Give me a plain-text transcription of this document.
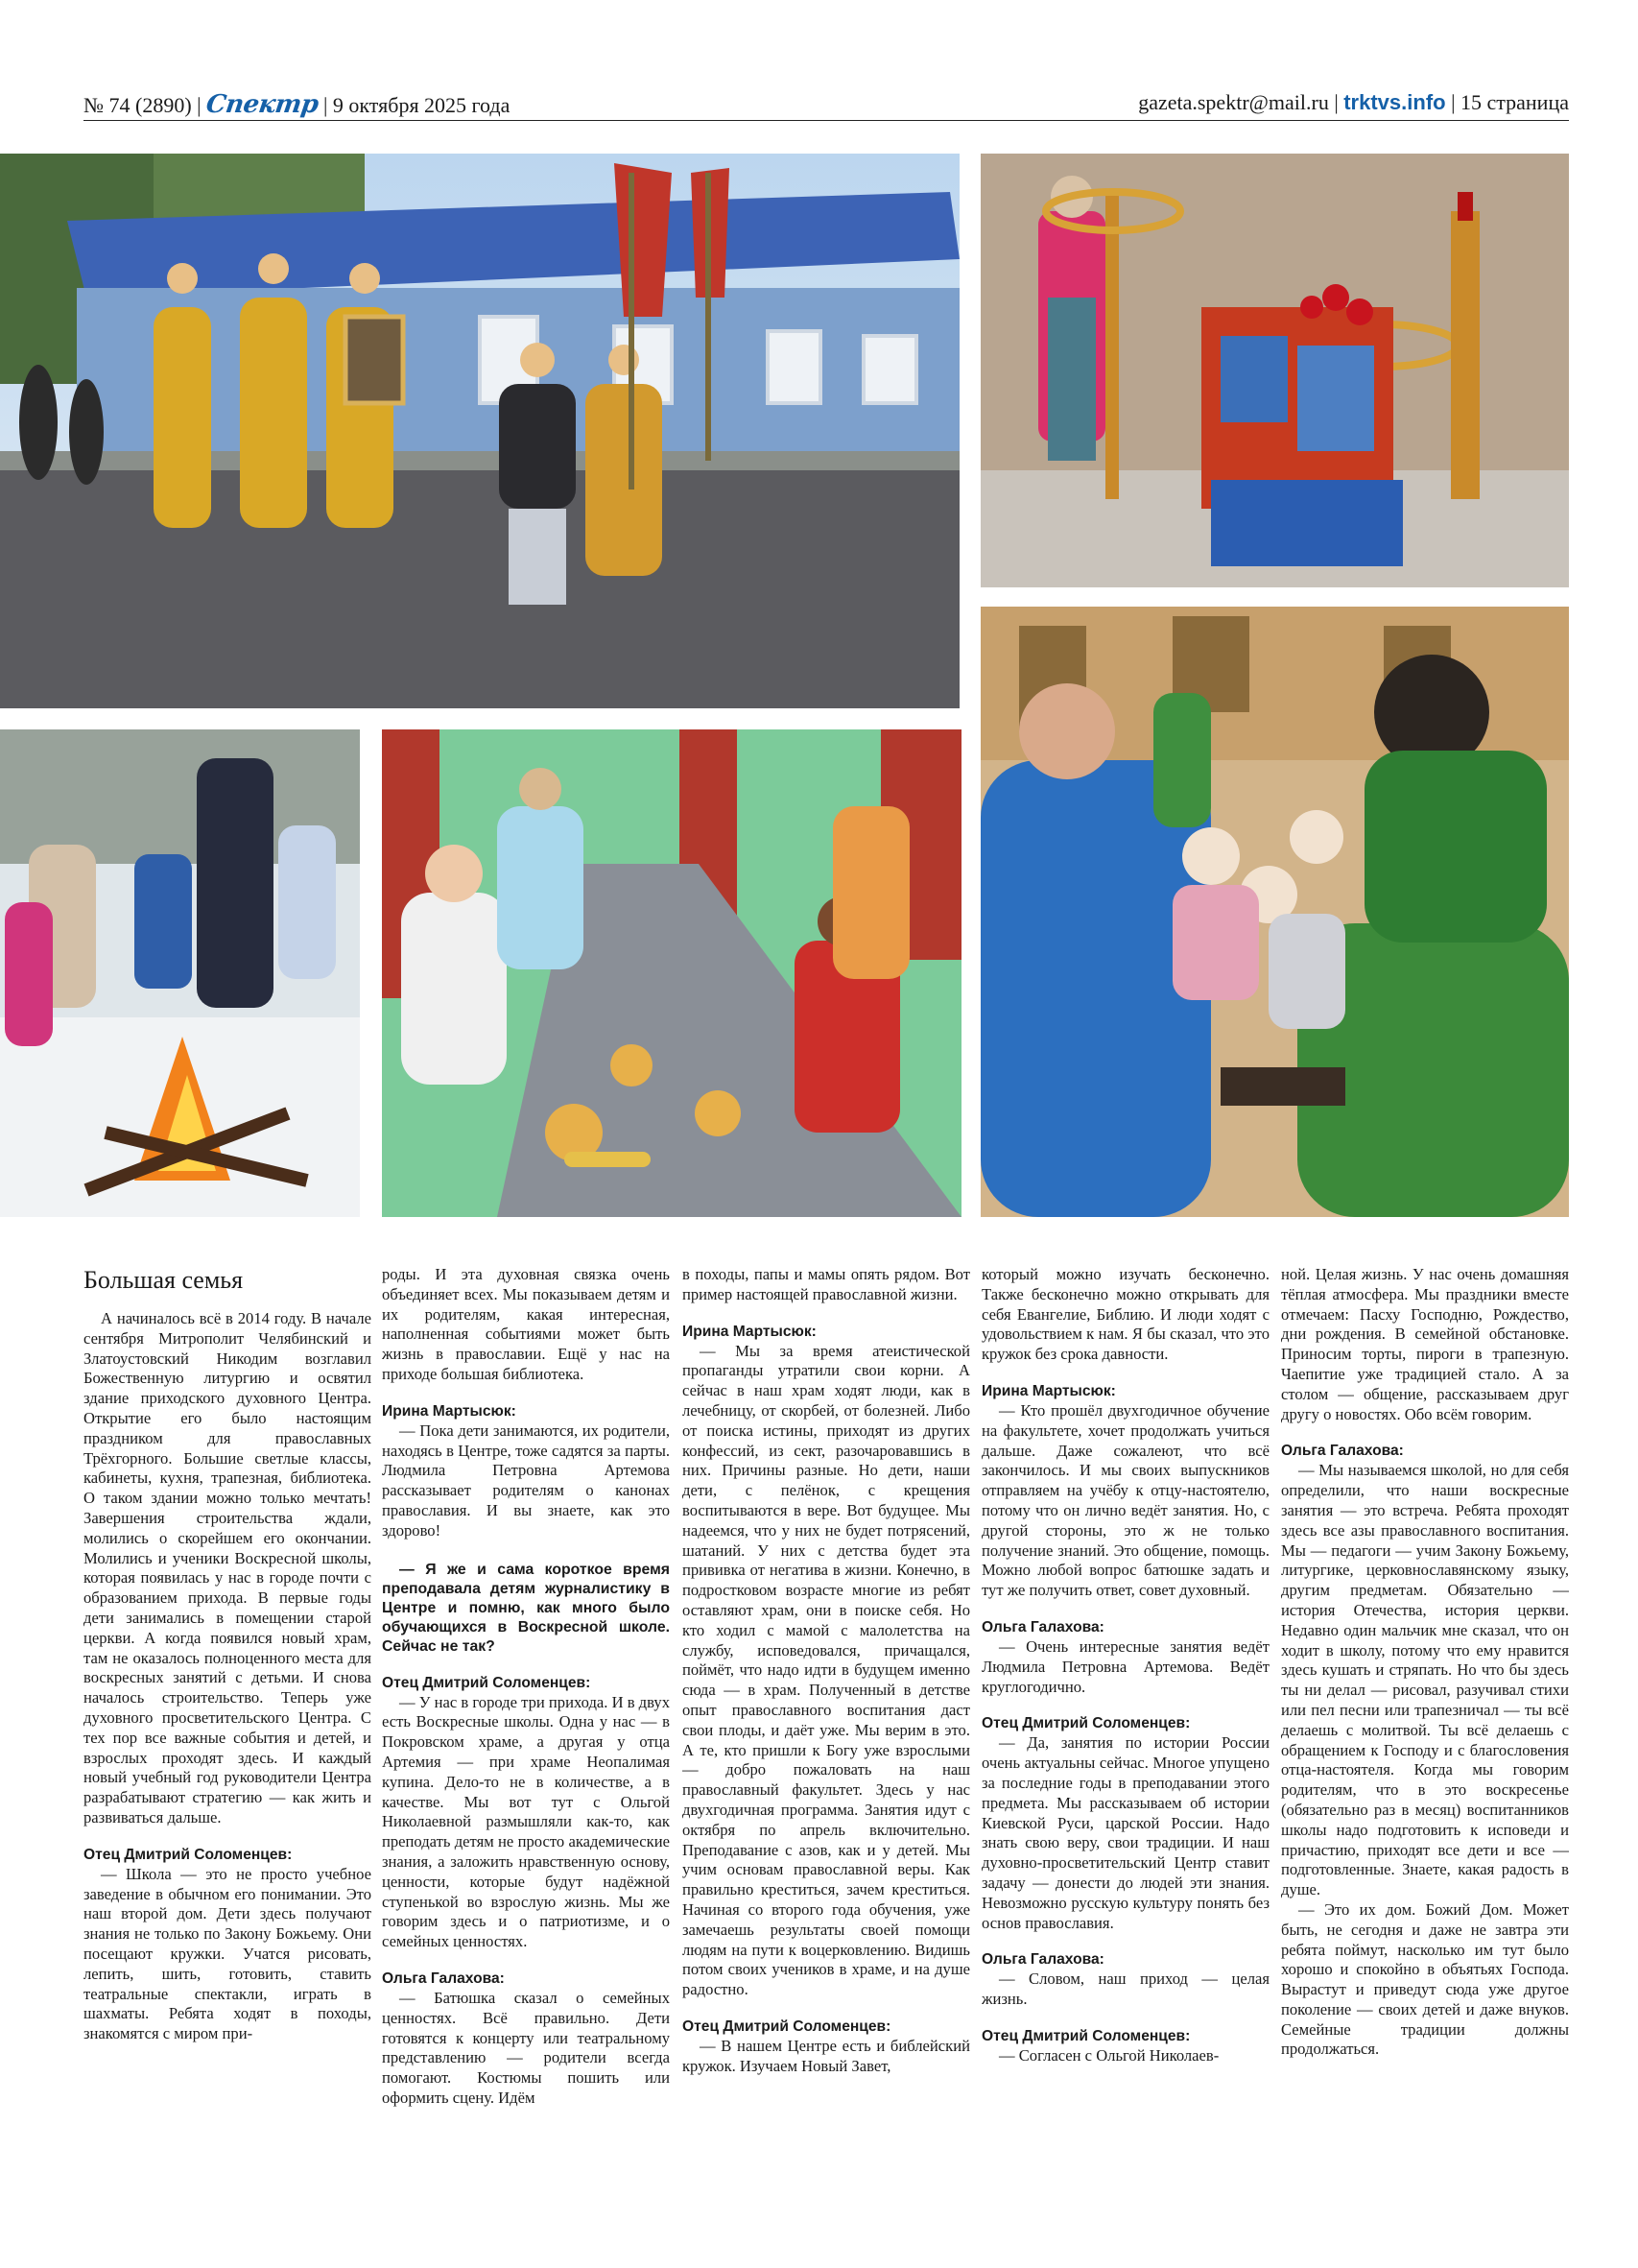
№ 74 (2890) | Спектр | 9 октября 2025 года	gazeta.spektr@mail.ru | trktvs.info | 15 страница
Большая семья

А начиналось всё в 2014 году. В начале сентября Митрополит Челябинский и Златоустовский Никодим возглавил Божественную литургию и освятил здание приходского духовного Центра. Открытие его было настоящим праздником для православных Трёхгорного. Большие светлые классы, кабинеты, кухня, трапезная, библиотека. О таком здании можно только мечтать! Завершения строительства ждали, молились о скорейшем его окончании. Молились и ученики Воскресной школы, которая появилась у нас в городе почти с образованием прихода. В первые годы дети занимались в помещении старой церкви. А когда появился новый храм, там не оказалось полноценного места для воскресных занятий с детьми. И снова началось строительство. Теперь уже духовного просветительского Центра. С тех пор все важные события и детей, и взрослых проходят здесь. И каждый новый учебный год руководители Центра разрабатывают стратегию — как жить и развиваться дальше.

Отец Дмитрий Соломенцев:

— Школа — это не просто учебное заведение в обычном его понимании. Это наш второй дом. Дети здесь получают знания не только по Закону Божьему. Они посещают кружки. Учатся рисовать, лепить, шить, готовить, ставить театральные спектакли, играть в шахматы. Ребята ходят в походы, знакомятся с миром при-

роды. И эта духовная связка очень объединяет всех. Мы показываем детям и их родителям, какая интересная, наполненная событиями может быть жизнь в православии. Ещё у нас на приходе большая библиотека.

Ирина Мартысюк:

— Пока дети занимаются, их родители, находясь в Центре, тоже садятся за парты. Людмила Петровна Артемова рассказывает родителям о канонах православия. И вы знаете, как это здорово!

— Я же и сама короткое время преподавала детям журналистику в Центре и помню, как много было обучающихся в Воскресной школе. Сейчас не так?

Отец Дмитрий Соломенцев:

— У нас в городе три прихода. И в двух есть Воскресные школы. Одна у нас — в Покровском храме, а другая у отца Артемия — при храме Неопалимая купина. Дело-то не в количестве, а в качестве. Мы вот тут с Ольгой Николаевной размышляли как-то, как преподать детям не просто академические знания, а заложить нравственную основу, ценности, которые будут надёжной ступенькой во взрослую жизнь. Мы же говорим здесь и о патриотизме, и о семейных ценностях.

Ольга Галахова:

— Батюшка сказал о семейных ценностях. Всё правильно. Дети готовятся к концерту или театральному представлению — родители всегда помогают. Костюмы пошить или оформить сцену. Идём

в походы, папы и мамы опять рядом. Вот пример настоящей православной жизни.

Ирина Мартысюк:

— Мы за время атеистической пропаганды утратили свои корни. А сейчас в наш храм ходят люди, как в лечебницу, от скорбей, от болезней. Либо от поиска истины, приходят из других конфессий, из сект, разочаровавшись в них. Причины разные. Но дети, наши дети, с пелёнок, с крещения воспитываются в вере. Вот будущее. Мы надеемся, что у них не будет потрясений, шатаний. У них с детства будет эта прививка от негатива в жизни. Конечно, в подростковом возрасте многие из ребят оставляют храм, они в поиске себя. Но кто ходил с мамой с малолетства на службу, исповедовался, причащался, поймёт, что надо идти в будущем именно сюда — в храм. Полученный в детстве опыт православного воспитания даст свои плоды, и даёт уже. Мы верим в это. А те, кто пришли к Богу уже взрослыми — добро пожаловать на наш православный факультет. Здесь у нас двухгодичная программа. Занятия идут с октября по апрель включительно. Преподавание с азов, как и у детей. Мы учим основам православной веры. Как правильно креститься, зачем креститься. Начиная со второго года обучения, уже замечаешь результаты своей помощи людям на пути к воцерковлению. Видишь потом своих учеников в храме, и на душе радостно.

Отец Дмитрий Соломенцев:

— В нашем Центре есть и библейский кружок. Изучаем Новый Завет,

который можно изучать бесконечно. Также бесконечно можно открывать для себя Евангелие, Библию. И люди ходят с удовольствием к нам. Я бы сказал, что это кружок без срока давности.

Ирина Мартысюк:

— Кто прошёл двухгодичное обучение на факультете, хочет продолжать учиться дальше. Даже сожалеют, что всё закончилось. И мы своих выпускников отправляем на учёбу к отцу-настоятелю, потому что он лично ведёт занятия. Но, с другой стороны, это ж не только получение знаний. Это общение, помощь. Можно любой вопрос батюшке задать и тут же получить ответ, совет духовный.

Ольга Галахова:

— Очень интересные занятия ведёт Людмила Петровна Артемова. Ведёт круглогодично.

Отец Дмитрий Соломенцев:

— Да, занятия по истории России очень актуальны сейчас. Многое упущено за последние годы в преподавании этого предмета. Мы рассказываем об истории Киевской Руси, царской России. Надо знать свою веру, свои традиции. И наш духовно-просветительский Центр ставит задачу — донести до людей эти знания. Невозможно русскую культуру понять без основ православия.

Ольга Галахова:

— Словом, наш приход — целая жизнь.

Отец Дмитрий Соломенцев:

— Согласен с Ольгой Николаев-

ной. Целая жизнь. У нас очень домашняя тёплая атмосфера. Мы праздники вместе отмечаем: Пасху Господню, Рождество, дни рождения. В семейной обстановке. Приносим торты, пироги в трапезную. Чаепитие уже традицией стало. А за столом — общение, рассказываем друг другу о новостях. Обо всём говорим.

Ольга Галахова:

— Мы называемся школой, но для себя определили, что наши воскресные занятия — это встреча. Ребята проходят здесь все азы православного воспитания. Мы — педагоги — учим Закону Божьему, литургике, церковнославянскому языку, другим предметам. Обязательно — история Отечества, история церкви. Недавно один мальчик мне сказал, что он ходит в школу, потому что ему нравится здесь кушать и стряпать. Но что бы здесь ты ни делал — рисовал, разучивал стихи или пел песни или трапезничал — ты всё делаешь с молитвой. Ты всё делаешь с обращением к Господу и с благословения отца-настоятеля. Когда мы говорим родителям, что в это воскресенье (обязательно раз в месяц) воспитанников школы надо подготовить к исповеди и причастию, приходят все дети и все — подготовленные. Знаете, какая радость в душе.

— Это их дом. Божий Дом. Может быть, не сегодня и даже не завтра эти ребята поймут, насколько им тут было хорошо и спокойно в объятьях Господа. Вырастут и приведут сюда уже другое поколение — своих детей и даже внуков. Семейные традиции должны продолжаться.
